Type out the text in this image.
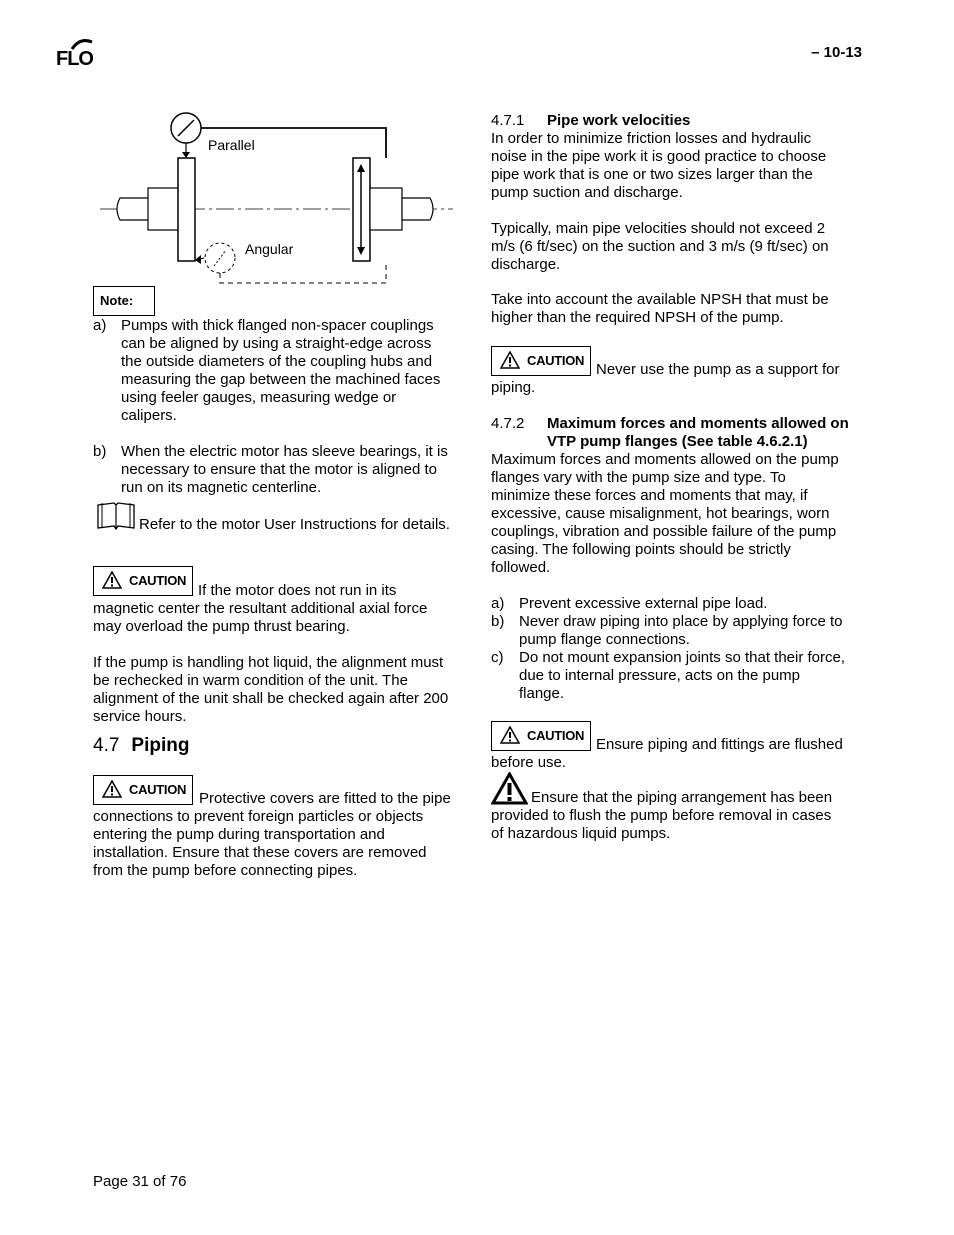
FLO	– 10-13
Parallel
Angular
Note:
a) Pumps with thick flanged non-spacer couplings
can be aligned by using a straight-edge across
the outside diameters of the coupling hubs and
measuring the gap between the machined faces
using feeler gauges, measuring wedge or
calipers.
b) When the electric motor has sleeve bearings, it is
necessary to ensure that the motor is aligned to
run on its magnetic centerline.
Refer to the motor User Instructions for details.
CAUTION
If the motor does not run in its
magnetic center the resultant additional axial force
may overload the pump thrust bearing.
If the pump is handling hot liquid, the alignment must
be rechecked in warm condition of the unit. The
alignment of the unit shall be checked again after 200
service hours.
4.7 Piping
CAUTION
Protective covers are fitted to the pipe
connections to prevent foreign particles or objects
entering the pump during transportation and
installation. Ensure that these covers are removed
from the pump before connecting pipes.
4.7.1 Pipe work velocities
In order to minimize friction losses and hydraulic
noise in the pipe work it is good practice to choose
pipe work that is one or two sizes larger than the
pump suction and discharge.
Typically, main pipe velocities should not exceed 2
m/s (6 ft/sec) on the suction and 3 m/s (9 ft/sec) on
discharge.
Take into account the available NPSH that must be
higher than the required NPSH of the pump.
CAUTION
Never use the pump as a support for
piping.
4.7.2 Maximum forces and moments allowed on
VTP pump flanges (See table 4.6.2.1)
Maximum forces and moments allowed on the pump
flanges vary with the pump size and type. To
minimize these forces and moments that may, if
excessive, cause misalignment, hot bearings, worn
couplings, vibration and possible failure of the pump
casing. The following points should be strictly
followed.
a) Prevent excessive external pipe load.
b) Never draw piping into place by applying force to
pump flange connections.
c) Do not mount expansion joints so that their force,
due to internal pressure, acts on the pump
flange.
CAUTION
Ensure piping and fittings are flushed
before use.
Ensure that the piping arrangement has been
provided to flush the pump before removal in cases
of hazardous liquid pumps.
Page 31 of 76
